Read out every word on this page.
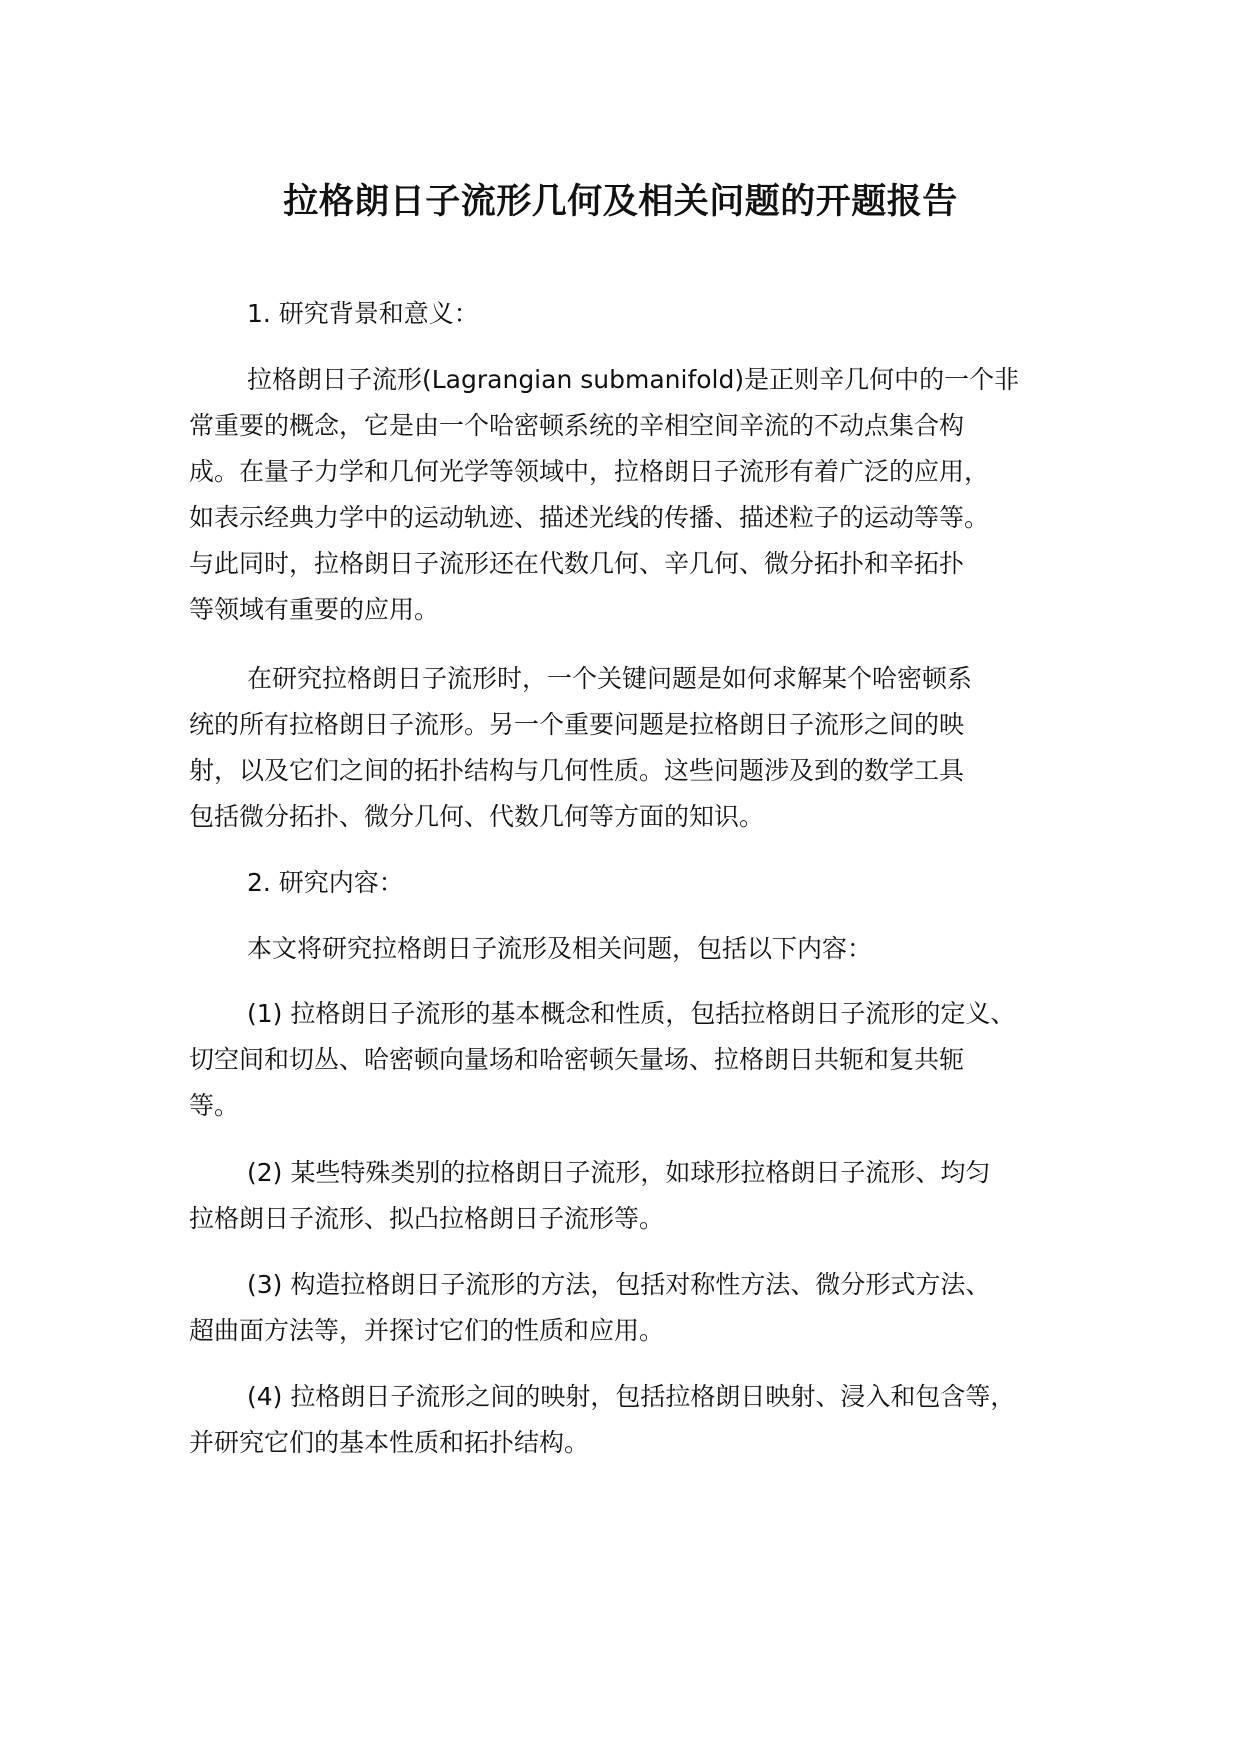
拉格朗日子流形几何及相关问题的开题报告
1. 研究背景和意义：
拉格朗日子流形(Lagrangian submanifold)是正则辛几何中的一个非
常重要的概念，它是由一个哈密顿系统的辛相空间辛流的不动点集合构
成。在量子力学和几何光学等领域中，拉格朗日子流形有着广泛的应用，
如表示经典力学中的运动轨迹、描述光线的传播、描述粒子的运动等等。
与此同时，拉格朗日子流形还在代数几何、辛几何、微分拓扑和辛拓扑
等领域有重要的应用。
在研究拉格朗日子流形时，一个关键问题是如何求解某个哈密顿系
统的所有拉格朗日子流形。另一个重要问题是拉格朗日子流形之间的映
射，以及它们之间的拓扑结构与几何性质。这些问题涉及到的数学工具
包括微分拓扑、微分几何、代数几何等方面的知识。
2. 研究内容：
本文将研究拉格朗日子流形及相关问题，包括以下内容：
(1) 拉格朗日子流形的基本概念和性质，包括拉格朗日子流形的定义、
切空间和切丛、哈密顿向量场和哈密顿矢量场、拉格朗日共轭和复共轭
等。
(2) 某些特殊类别的拉格朗日子流形，如球形拉格朗日子流形、均匀
拉格朗日子流形、拟凸拉格朗日子流形等。
(3) 构造拉格朗日子流形的方法，包括对称性方法、微分形式方法、
超曲面方法等，并探讨它们的性质和应用。
(4) 拉格朗日子流形之间的映射，包括拉格朗日映射、浸入和包含等，
并研究它们的基本性质和拓扑结构。
